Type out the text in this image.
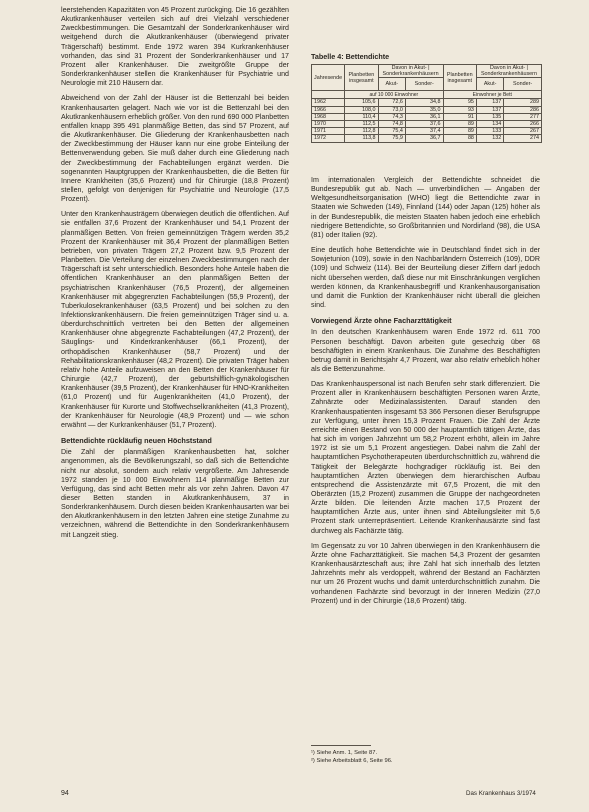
leerstehenden Kapazitäten von 45 Prozent zurückging. Die 16 gezählten Akutkrankenhäuser verteilen sich auf drei Vielzahl verschiedener Zweckbestimmungen. Die Gesamtzahl der Sonderkrankenhäuser wird weitgehend durch die Akutkrankenhäuser (überwiegend privater Trägerschaft) bestimmt. Ende 1972 waren 394 Kurkrankenhäuser vorhanden, das sind 31 Prozent der Sonderkrankenhäuser und 17 Prozent aller Krankenhäuser. Die zweitgrößte Gruppe der Sonderkrankenhäuser stellen die Krankenhäuser für Psychiatrie und Neurologie mit 210 Häusern dar.

Abweichend von der Zahl der Häuser ist die Bettenzahl bei beiden Krankenhausarten gelagert. Nach wie vor ist die Bettenzahl bei den Akutkrankenhäusern erheblich größer. Von den rund 690 000 Planbetten entfallen knapp 395 491 planmäßige Betten, das sind 57 Prozent, auf die Akutkrankenhäuser. Die Gliederung der Krankenhausbetten nach der Zweckbestimmung der Häuser kann nur eine grobe Einteilung der Bettenverwendung geben. Sie muß daher durch eine Gliederung nach der Zweckbestimmung der Fachabteilungen ergänzt werden. Die sogenannten Hauptgruppen der Krankenhausbetten, die die Betten für Innere Krankheiten (35,6 Prozent) und für Chirurgie (18,8 Prozent) stellen, gefolgt von denjenigen für Psychiatrie und Neurologie (17,5 Prozent).

Unter den Krankenhausträgern überwiegen deutlich die öffentlichen. Auf sie entfallen 37,6 Prozent der Krankenhäuser und 54,1 Prozent der planmäßigen Betten. Von freien gemeinnützigen Trägern werden 35,2 Prozent der Krankenhäuser mit 36,4 Prozent der planmäßigen Betten betrieben, von privaten Trägern 27,2 Prozent bzw. 9,5 Prozent der Planbetten. Die Verteilung der einzelnen Zweckbestimmungen nach der Trägerschaft ist sehr unterschiedlich. Besonders hohe Anteile haben die öffentlichen Krankenhäuser an den planmäßigen Betten der psychiatrischen Krankenhäuser (76,5 Prozent), der allgemeinen Krankenhäuser mit abgegrenzten Fachabteilungen (55,9 Prozent), der Tuberkulosekrankenhäuser (63,5 Prozent) und bei solchen zu den Infektionskrankenhäusern. Die freien gemeinnützigen Träger sind u. a. überdurchschnittlich vertreten bei den Betten der allgemeinen Krankenhäuser ohne abgegrenzte Fachabteilungen (47,2 Prozent), der Säuglings- und Kinderkrankenhäuser (66,1 Prozent), der orthopädischen Krankenhäuser (58,7 Prozent) und der Rehabilitationskrankenhäuser (48,2 Prozent). Die privaten Träger haben relativ hohe Anteile aufzuweisen an den Betten der Krankenhäuser für Chirurgie (42,7 Prozent), der geburtshilflich-gynäkologischen Krankenhäuser (39,5 Prozent), der Krankenhäuser für HNO-Krankheiten (61,0 Prozent) und für Augenkrankheiten (41,0 Prozent), der Krankenhäuser für Kurorte und Stoffwechselkrankheiten (41,3 Prozent), der Krankenhäuser für Neurologie (48,9 Prozent) und — wie schon erwähnt — der Kurkrankenhäuser (51,7 Prozent).

Bettendichte rückläufig neuen Höchststand

Die Zahl der planmäßigen Krankenhausbetten hat, solcher angenommen, als die Bevölkerungszahl, so daß sich die Bettendichte nicht nur absolut, sondern auch relativ vergrößerte. Am Jahresende 1972 standen je 10 000 Einwohnern 114 planmäßige Betten zur Verfügung, das sind acht Betten mehr als vor zehn Jahren. Davon 47 dieser Betten standen in Akutkrankenhäusern, 37 in Sonderkrankenhäusern. Durch diesen beiden Krankenhausarten war bei den Akutkrankenhäusern in den letzten Jahren eine stetige Zunahme zu verzeichnen, während die Bettendichte in den Sonderkrankenhäusern mit Langzeit stieg.

Tabelle 4: Bettendichte
Jahresende	Planbetten insgesamt	Davon in Akut- | Sonderkrankenhäusern		Planbetten insgesamt	Davon in Akut- | Sonderkrankenhäusern	
		Akut-	Sonder-		Akut-	Sonder-
	auf 10 000 Einwohner			Einwohner je Bett		
1962	105,6	72,6	34,8	95	137	289
1966	108,0	73,0	35,0	93	137	286
1968	110,4	74,3	36,1	91	135	277
1970	112,5	74,8	37,6	89	134	266
1971	112,8	75,4	37,4	89	133	267
1972	113,8	75,9	36,7	88	132	274

Im internationalen Vergleich der Bettendichte schneidet die Bundesrepublik gut ab. Nach — unverbindlichen — Angaben der Weltgesundheitsorganisation (WHO) liegt die Bettendichte zwar in Staaten wie Schweden (149), Finnland (144) oder Japan (125) höher als in der Bundesrepublik, die meisten Staaten haben jedoch eine erheblich niedrigere Bettendichte, so Großbritannien und Nordirland (98), die USA (81) oder Italien (92).

Eine deutlich hohe Bettendichte wie in Deutschland findet sich in der Sowjetunion (109), sowie in den Nachbarländern Österreich (109), DDR (109) und Schweiz (114). Bei der Beurteilung dieser Ziffern darf jedoch nicht übersehen werden, daß diese nur mit Einschränkungen verglichen werden können, da Krankenhausbegriff und Krankenhausorganisation und damit die Funktion der Krankenhäuser nicht überall die gleichen sind.

Vorwiegend Ärzte ohne Facharzttätigkeit

In den deutschen Krankenhäusern waren Ende 1972 rd. 611 700 Personen beschäftigt. Davon arbeiten gute gesechzig über 68 beschäftigten in einem Krankenhaus. Die Zunahme des Beschäftigten betrug damit in Berichtsjahr 4,7 Prozent, war also relativ erheblich höher als die Bettenzunahme.

Das Krankenhauspersonal ist nach Berufen sehr stark differenziert. Die Prozent aller in Krankenhäusern beschäftigten Personen waren Ärzte, Zahnärzte oder Medizinalassistenten. Darauf standen den Krankenhauspatienten insgesamt 53 366 Personen dieser Berufsgruppe zur Verfügung, unter ihnen 15,3 Prozent Frauen. Die Zahl der Ärzte erreichte einen Bestand von 50 000 der hauptamtlich tätigen Ärzte, das hat sich im vorigen Jahrzehnt um 58,2 Prozent erhöht, allein im Jahre 1972 ist sie um 5,1 Prozent angestiegen. Dabei nahm die Zahl der hauptamtlichen Psychotherapeuten überdurchschnittlich zu, während die Tätigkeit der Belegärzte hochgradiger rückläufig ist. Bei den hauptamtlichen Ärzten überwiegen dem hierarchischen Aufbau entsprechend die Assistenzärzte mit 67,5 Prozent, die mit den Oberärzten (15,2 Prozent) zusammen die Gruppe der nachgeordneten Ärzte bilden. Die leitenden Ärzte machen 17,5 Prozent der hauptamtlichen Ärzte aus, unter ihnen sind Abteilungsleiter mit 5,6 Prozent stark unterrepräsentiert. Leitende Krankenhausärzte sind fast durchweg als Fachärzte tätig.

Im Gegensatz zu vor 10 Jahren überwiegen in den Krankenhäusern die Ärzte ohne Facharzttätigkeit. Sie machen 54,3 Prozent der gesamten Krankenhausärzteschaft aus; ihre Zahl hat sich innerhalb des letzten Jahrzehnts mehr als verdoppelt, während der Bestand an Fachärzten nur um 26 Prozent wuchs und damit unterdurchschnittlich zunahm. Die vorhandenen Fachärzte sind bevorzugt in der Inneren Medizin (27,0 Prozent) und in der Chirurgie (18,6 Prozent) tätig.

¹) Siehe Anm. 1, Seite 87.
²) Siehe Arbeitsblatt 6, Seite 96.
94	Das Krankenhaus 3/1974
